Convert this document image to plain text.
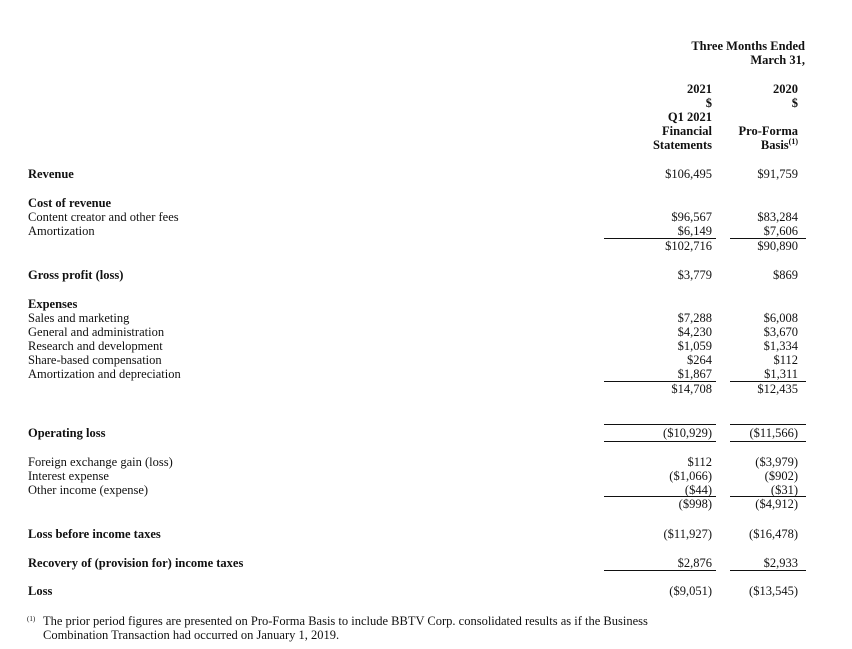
Three Months Ended
March 31,
2021
$
Q1 2021
Financial
Statements
2020
$
Pro-Forma
Basis$^{(1)}$
Revenue	$106,495	$91,759
Cost of revenue
Content creator and other fees	$96,567	$83,284
Amortization	$6,149	$7,606
$102,716	$90,890
Gross profit (loss)	$3,779	$869
Expenses
Sales and marketing	$7,288	$6,008
General and administration	$4,230	$3,670
Research and development	$1,059	$1,334
Share-based compensation	$264	$112
Amortization and depreciation	$1,867	$1,311
$14,708	$12,435
Operating loss	($10,929)	($11,566)
Foreign exchange gain (loss)	$112	($3,979)
Interest expense	($1,066)	($902)
Other income (expense)	($44)	($31)
($998)	($4,912)
Loss before income taxes	($11,927)	($16,478)
Recovery of (provision for) income taxes	$2,876	$2,933
Loss	($9,051)	($13,545)
(1) The prior period figures are presented on Pro-Forma Basis to include BBTV Corp. consolidated results as if the Business
Combination Transaction had occurred on January 1, 2019.
